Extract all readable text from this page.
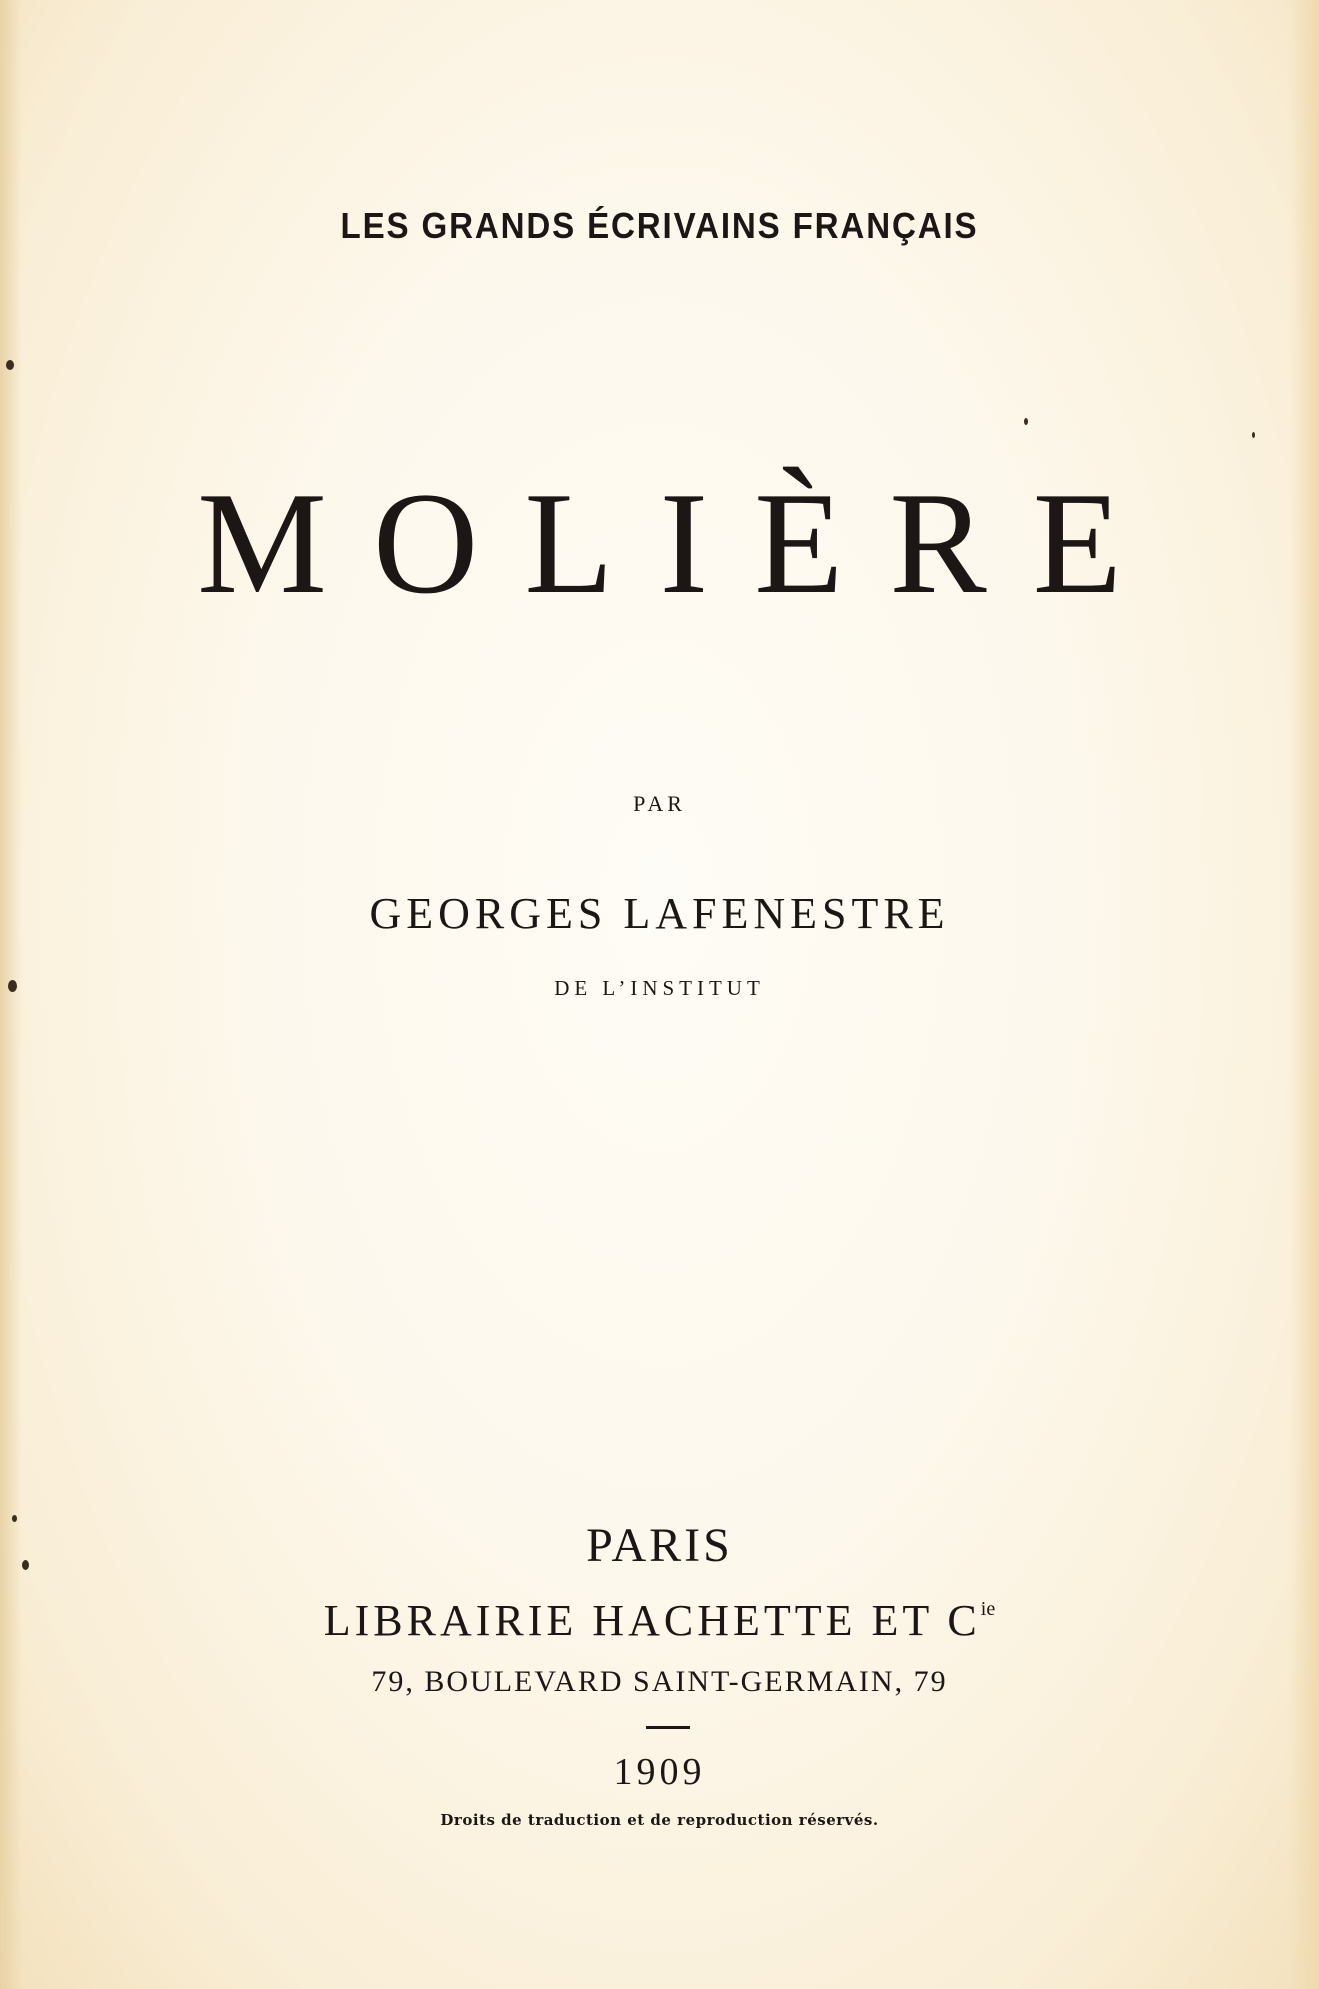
LES GRANDS ÉCRIVAINS FRANÇAIS
MOLIÈRE
PAR
GEORGES LAFENESTRE
DE L’INSTITUT
PARIS
LIBRAIRIE HACHETTE ET $C^{ie}$
79, BOULEVARD SAINT-GERMAIN, 79
1909
Droits de traduction et de reproduction réservés.
